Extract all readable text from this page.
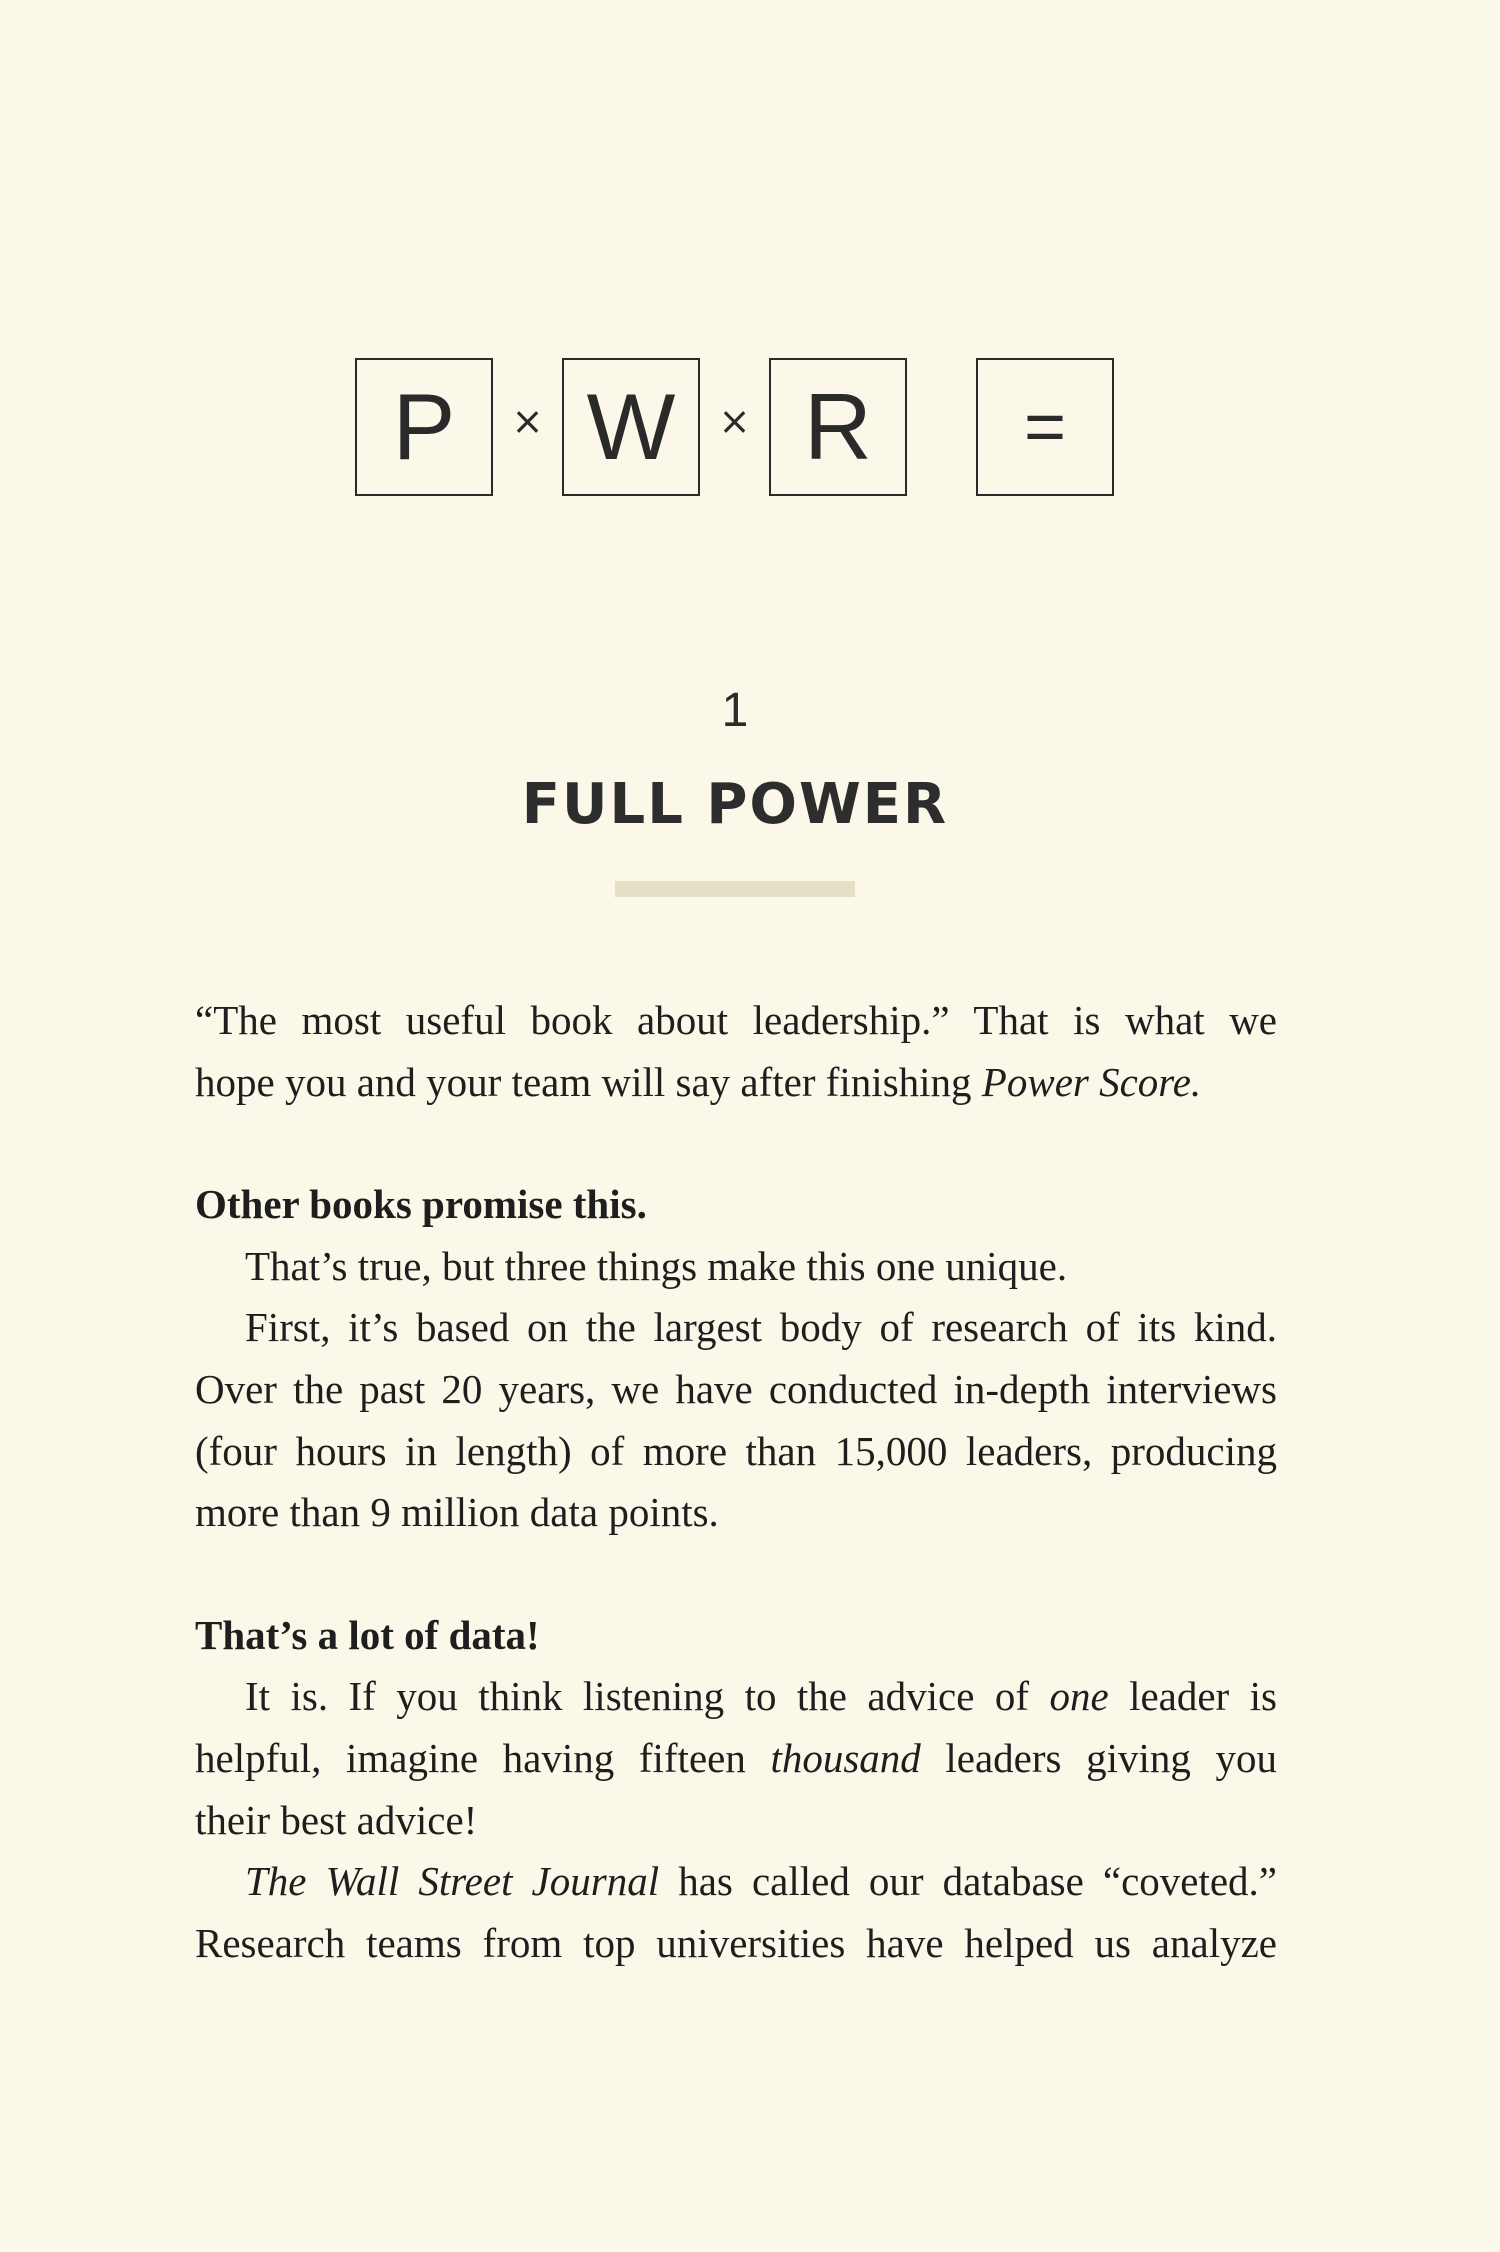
P	× W	× R =
1
FULL POWER

“The most useful book about leadership.” That is what we
hope you and your team will say after finishing Power Score.

Other books promise this.

That’s true, but three things make this one unique.

First, it’s based on the largest body of research of its kind.
Over the past 20 years, we have conducted in-depth interviews
(four hours in length) of more than 15,000 leaders, producing
more than 9 million data points.

That’s a lot of data!

It is. If you think listening to the advice of one leader is
helpful, imagine having fifteen thousand leaders giving you
their best advice!

The Wall Street Journal has called our database “coveted.”
Research teams from top universities have helped us analyze
